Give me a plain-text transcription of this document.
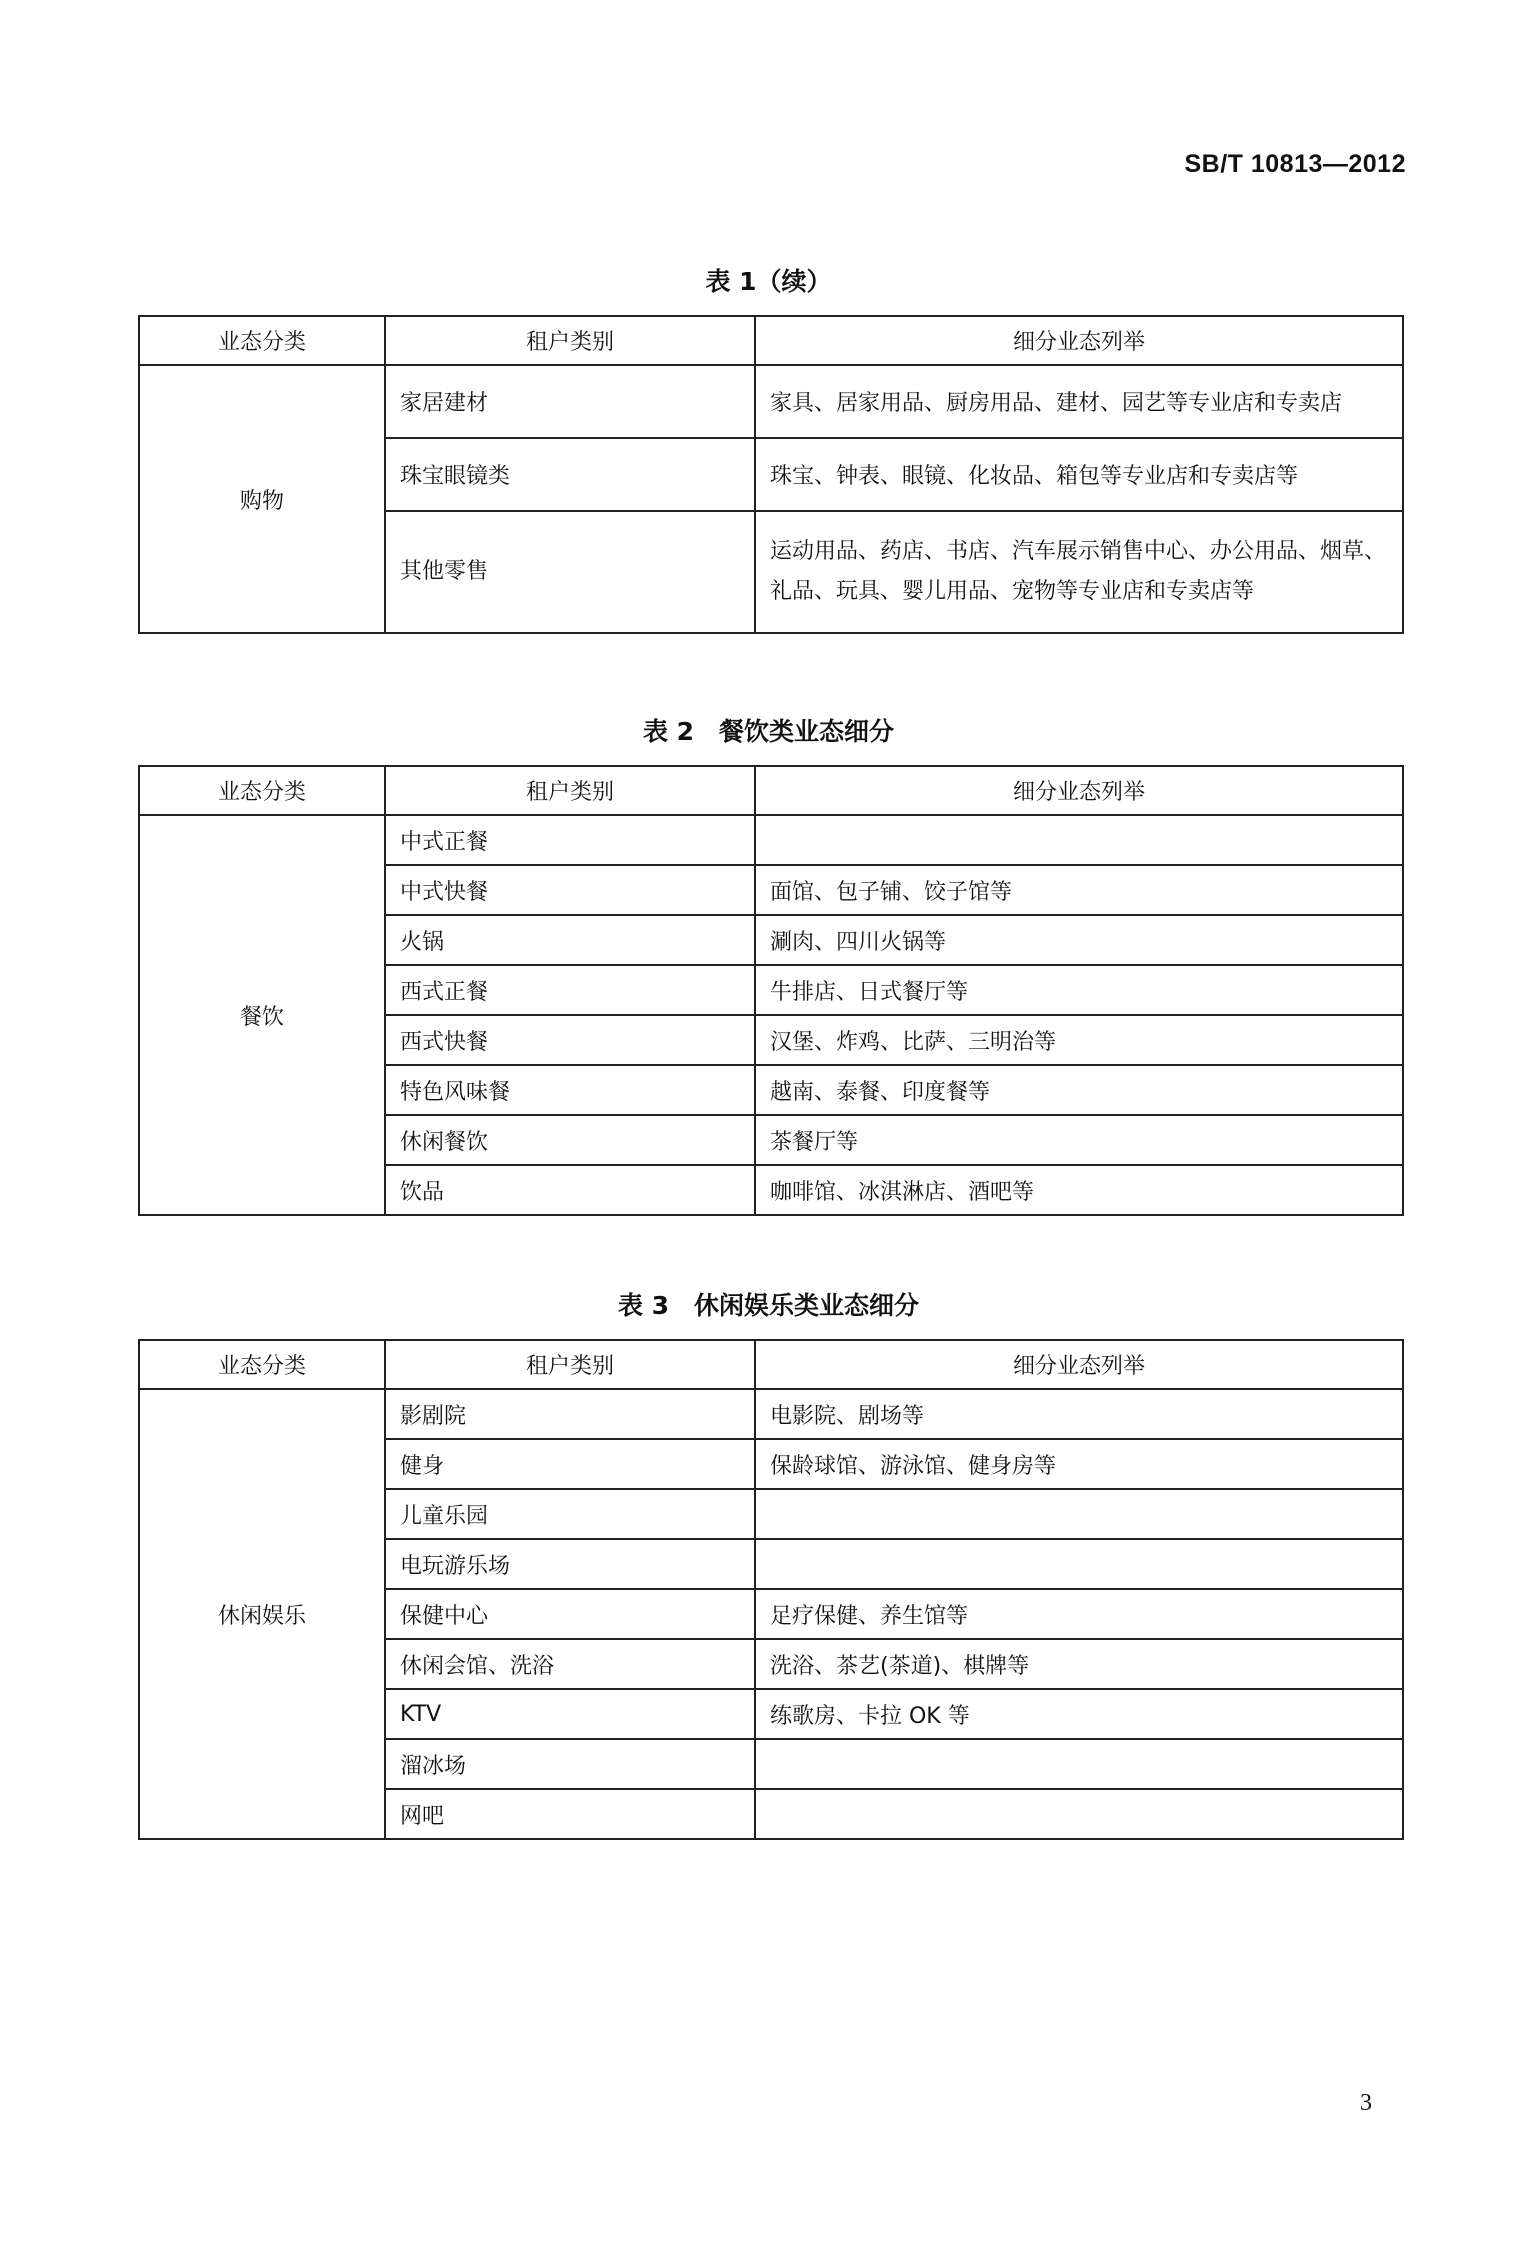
SB/T 10813—2012
表 1（续）
业态分类	租户类别	细分业态列举
购物	家居建材	家具、居家用品、厨房用品、建材、园艺等专业店和专卖店
	珠宝眼镜类	珠宝、钟表、眼镜、化妆品、箱包等专业店和专卖店等
	其他零售	运动用品、药店、书店、汽车展示销售中心、办公用品、烟草、礼品、玩具、婴儿用品、宠物等专业店和专卖店等
表 2　餐饮类业态细分
业态分类	租户类别	细分业态列举
餐饮	中式正餐	
	中式快餐	面馆、包子铺、饺子馆等
	火锅	涮肉、四川火锅等
	西式正餐	牛排店、日式餐厅等
	西式快餐	汉堡、炸鸡、比萨、三明治等
	特色风味餐	越南、泰餐、印度餐等
	休闲餐饮	茶餐厅等
	饮品	咖啡馆、冰淇淋店、酒吧等
表 3　休闲娱乐类业态细分
业态分类	租户类别	细分业态列举
休闲娱乐	影剧院	电影院、剧场等
	健身	保龄球馆、游泳馆、健身房等
	儿童乐园	
	电玩游乐场	
	保健中心	足疗保健、养生馆等
	休闲会馆、洗浴	洗浴、茶艺(茶道)、棋牌等
	KTV	练歌房、卡拉 OK 等
	溜冰场	
	网吧	
3
